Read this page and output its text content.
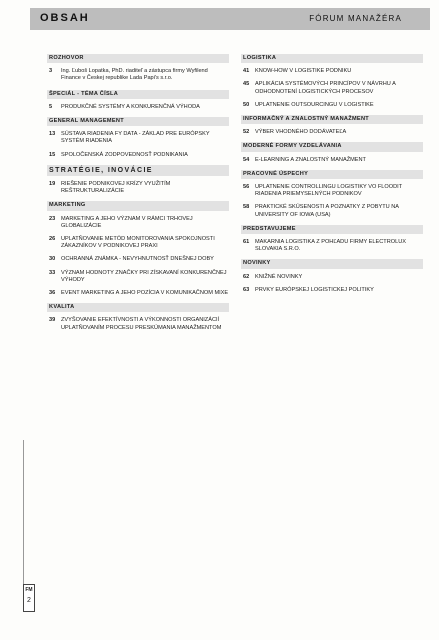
OBSAH	FÓRUM MANAŽÉRA
ROZHOVOR
3	Ing. Ľuboš Lopatka, PhD. riaditeľ a zástupca firmy Wyfilend Finance v Českej republike Lada Papi's s.r.o.
ŠPECIÁL - TÉMA ČÍSLA
5	PRODUKČNÉ SYSTÉMY A KONKURENČNÁ VÝHODA
GENERAL MANAGEMENT
13	SÚSTAVA RIADENIA FY DATA - ZÁKLAD PRE EURÓPSKY SYSTÉM RIADENIA
15	SPOLOČENSKÁ ZODPOVEDNOSŤ PODNIKANIA
STRATÉGIE, INOVÁCIE
19	RIEŠENIE PODNIKOVEJ KRÍZY VYUŽITÍM REŠTRUKTURALIZÁCIE
MARKETING
23	MARKETING A JEHO VÝZNAM V RÁMCI TRHOVEJ GLOBALIZÁCIE
26	UPLATŇOVANIE METÓD MONITOROVANIA SPOKOJNOSTI ZÁKAZNÍKOV V PODNIKOVEJ PRAXI
30	OCHRANNÁ ZNÁMKA - NEVYHNUTNOSŤ DNEŠNEJ DOBY
33	VÝZNAM HODNOTY ZNAČKY PRI ZÍSKAVANÍ KONKURENČNEJ VÝHODY
36	EVENT MARKETING A JEHO POZÍCIA V KOMUNIKAČNOM MIXE
KVALITA
39	ZVYŠOVANIE EFEKTÍVNOSTI A VÝKONNOSTI ORGANIZÁCIÍ UPLATŇOVANÍM PROCESU PRESKÚMANIA MANAŽMENTOM
LOGISTIKA
41	KNOW-HOW V LOGISTIKE PODNIKU
45	APLIKÁCIA SYSTÉMOVÝCH PRINCÍPOV V NÁVRHU A ODHODNOTENÍ LOGISTICKÝCH PROCESOV
50	UPLATNENIE OUTSOURCINGU V LOGISTIKE
INFORMAČNÝ A ZNALOSTNÝ MANAŽMENT
52	VÝBER VHODNÉHO DODÁVATEĽA
MODERNÉ FORMY VZDELÁVANIA
54	E-LEARNING A ZNALOSTNÝ MANAŽMENT
PRACOVNÉ ÚSPECHY
56	UPLATNENIE CONTROLLINGU LOGISTIKY VO FLOODIT RIADENIA PRIEMYSELNÝCH PODNIKOV
58	PRAKTICKÉ SKÚSENOSTI A POZNATKY Z POBYTU NA UNIVERSITY OF IOWA (USA)
PREDSTAVUJEME
61	MAKARNIA LOGISTIKA Z POHĽADU FIRMY ELECTROLUX SLOVAKIA S.R.O.
NOVINKY
62	KNIŽNÉ NOVINKY
63	PRVKY EURÓPSKEJ LOGISTICKEJ POLITIKY
FM
2
